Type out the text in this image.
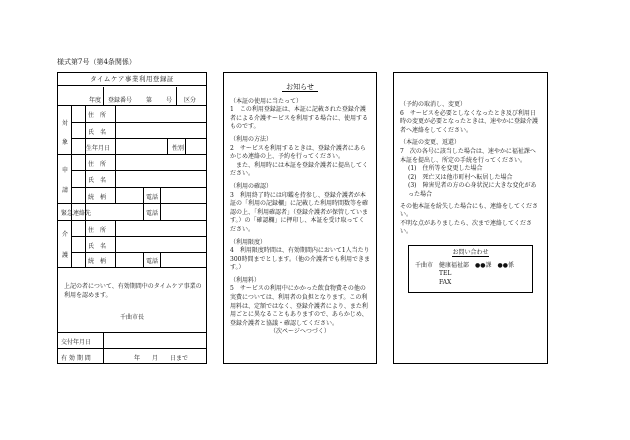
様式第7号（第4条関係）
タイムケア事業利用登録証
年度 登録番号 第 号 区分
対
象
住　所
氏　名
生年月日	性別
申
請
住　所
氏　名
続　柄	電話
緊急連絡先	電話
介
護
住　所
氏　名
続　柄	電話
上記の者について、有効期間中のタイムケア事業の利用を認めます。
千曲市長
交付年月日
有 効 期 間	年　　月　　日まで
お知らせ
（本証の使用に当たって）

1　この利用登録証は、本証に記載された登録介護者による介護サービスを利用する場合に、使用するものです。

（利用の方法）

2　サービスを利用するときは、登録介護者にあらかじめ連絡の上、予約を行ってください。

　また、利用時には本証を登録介護者に提出してください。

（利用の確認）

3　利用終了時には印鑑を持参し、登録介護者が本証の「利用の記録欄」に記載した利用時間数等を確認の上、「利用確認者」（登録介護者が保管しています。）の「確認欄」に押印し、本証を受け取ってください。

（利用限度）

4　利用限度時間は、有効期間内において1人当たり300時間までとします。（他の介護者でも利用できます。）

（利用料）

5　サービスの利用中にかかった飲食物費その他の実費については、利用者の負担となります。この利用料は、定額ではなく、登録介護者により、また利用ごとに異なることもありますので、あらかじめ、登録介護者と協議・確認してください。

（次ページへつづく）
（予約の取消し、変更）

6　サービスを必要としなくなったとき及び利用日時の変更が必要となったときは、速やかに登録介護者へ連絡をしてください。

（本証の変更、返還）

7　次の各号に該当した場合は、速やかに福祉課へ本証を提出し、所定の手続を行ってください。

(1)　住所等を変更した場合

(2)　死亡又は他市町村へ転居した場合

(3)　障害児者の方の心身状況に大きな変化があった場合

その他本証を紛失した場合にも、連絡をしてください。

不明な点がありましたら、次まで連絡してください。

お問い合わせ
千曲市　健康福祉部　●●課　●●係
TEL
FAX
